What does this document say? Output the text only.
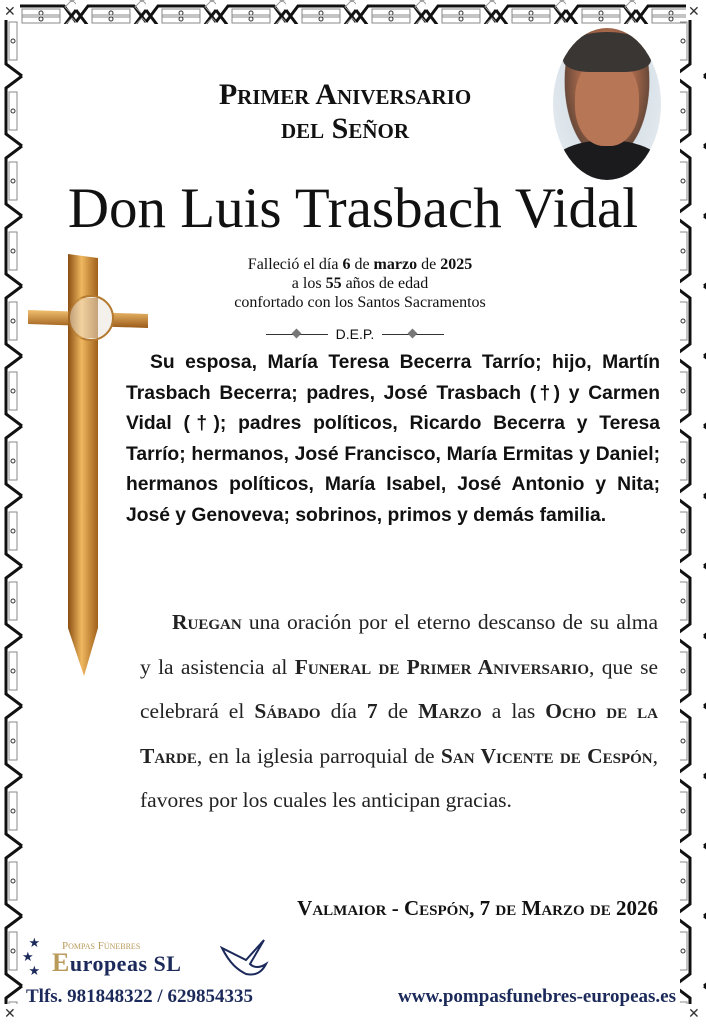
✕	✕
✕	✕
Primer Aniversario
del Señor
Don Luis Trasbach Vidal
Falleció el día 6 de marzo de 2025
a los 55 años de edad
confortado con los Santos Sacramentos
D.E.P.
Su esposa, María Teresa Becerra Tarrío; hijo, Martín Trasbach Becerra; padres, José Trasbach (†) y Carmen Vidal (†); padres políticos, Ricardo Becerra y Teresa Tarrío; hermanos, José Francisco, María Ermitas y Daniel; hermanos políticos, María Isabel, José Antonio y Nita; José y Genoveva; sobrinos, primos y demás familia.
Ruegan una oración por el eterno descanso de su alma y la asistencia al Funeral de Primer Aniversario, que se celebrará el Sábado día 7 de Marzo a las Ocho de la Tarde, en la iglesia parroquial de San Vicente de Cespón, favores por los cuales les anticipan gracias.
Valmaior - Cespón, 7 de Marzo de 2026
★
★
★
Pompas Fúnebres
Europeas SL
Tlfs. 981848322 / 629854335	www.pompasfunebres-europeas.es
